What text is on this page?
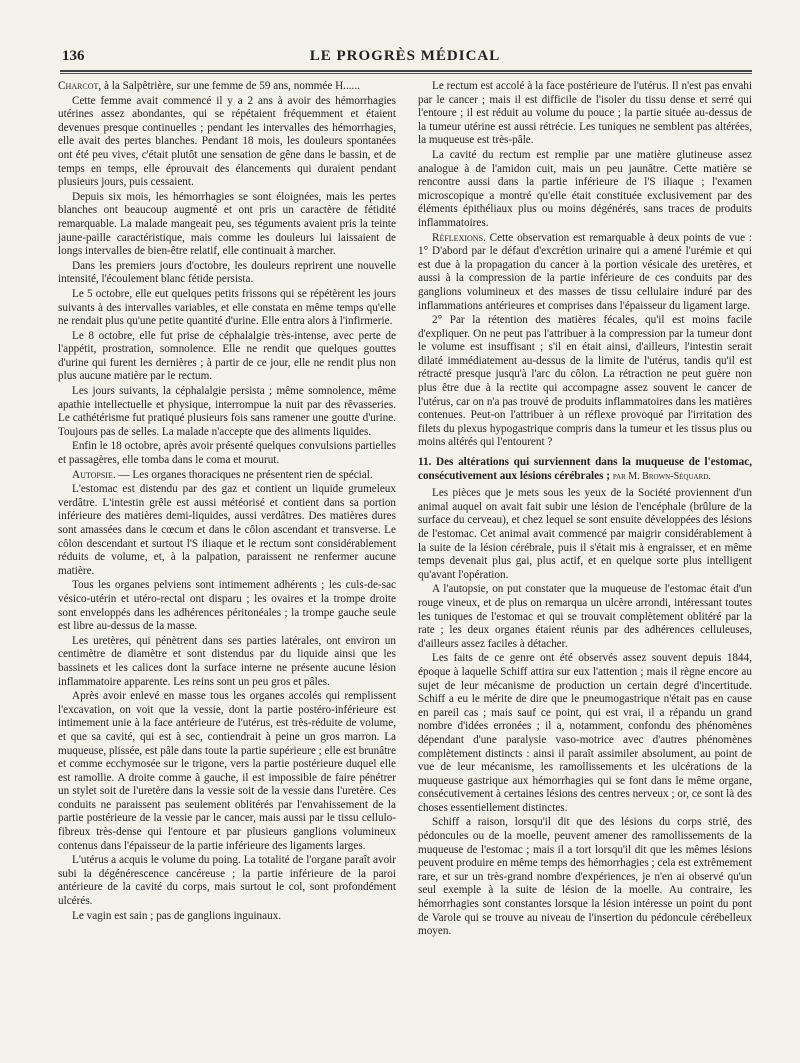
136	LE PROGRÈS MÉDICAL

Charcot, à la Salpêtrière, sur une femme de 59 ans, nommée H......

Cette femme avait commencé il y a 2 ans à avoir des hémorrhagies utérines assez abondantes, qui se répétaient fréquemment et étaient devenues presque continuelles ; pendant les intervalles des hémorrhagies, elle avait des pertes blanches. Pendant 18 mois, les douleurs spontanées ont été peu vives, c'était plutôt une sensation de gêne dans le bassin, et de temps en temps, elle éprouvait des élancements qui duraient pendant plusieurs jours, puis cessaient.

Depuis six mois, les hémorrhagies se sont éloignées, mais les pertes blanches ont beaucoup augmenté et ont pris un caractère de fétidité remarquable. La malade mangeait peu, ses téguments avaient pris la teinte jaune-paille caractéristique, mais comme les douleurs lui laissaient de longs intervalles de bien-être relatif, elle continuait à marcher.

Dans les premiers jours d'octobre, les douleurs reprirent une nouvelle intensité, l'écoulement blanc fétide persista.

Le 5 octobre, elle eut quelques petits frissons qui se répétèrent les jours suivants à des intervalles variables, et elle constata en même temps qu'elle ne rendait plus qu'une petite quantité d'urine. Elle entra alors à l'infirmerie.

Le 8 octobre, elle fut prise de céphalalgie très-intense, avec perte de l'appétit, prostration, somnolence. Elle ne rendit que quelques gouttes d'urine qui furent les dernières ; à partir de ce jour, elle ne rendit plus non plus aucune matière par le rectum.

Les jours suivants, la céphalalgie persista ; même somnolence, même apathie intellectuelle et physique, interrompue la nuit par des rêvasseries. Le cathétérisme fut pratiqué plusieurs fois sans ramener une goutte d'urine. Toujours pas de selles. La malade n'accepte que des aliments liquides.

Enfin le 18 octobre, après avoir présenté quelques convulsions partielles et passagères, elle tomba dans le coma et mourut.

Autopsie. — Les organes thoraciques ne présentent rien de spécial.

L'estomac est distendu par des gaz et contient un liquide grumeleux verdâtre. L'intestin grêle est aussi météorisé et contient dans sa portion inférieure des matières demi-liquides, aussi verdâtres. Des matières dures sont amassées dans le cœcum et dans le côlon ascendant et transverse. Le côlon descendant et surtout l'S iliaque et le rectum sont considérablement réduits de volume, et, à la palpation, paraissent ne renfermer aucune matière.

Tous les organes pelviens sont intimement adhérents ; les culs-de-sac vésico-utérin et utéro-rectal ont disparu ; les ovaires et la trompe droite sont enveloppés dans les adhérences péritonéales ; la trompe gauche seule est libre au-dessus de la masse.

Les uretères, qui pénètrent dans ses parties latérales, ont environ un centimètre de diamètre et sont distendus par du liquide ainsi que les bassinets et les calices dont la surface interne ne présente aucune lésion inflammatoire apparente. Les reins sont un peu gros et pâles.

Après avoir enlevé en masse tous les organes accolés qui remplissent l'excavation, on voit que la vessie, dont la partie postéro-inférieure est intimement unie à la face antérieure de l'utérus, est très-réduite de volume, et que sa cavité, qui est à sec, contiendrait à peine un gros marron. La muqueuse, plissée, est pâle dans toute la partie supérieure ; elle est brunâtre et comme ecchymosée sur le trigone, vers la partie postérieure duquel elle est ramollie. A droite comme à gauche, il est impossible de faire pénétrer un stylet soit de l'uretère dans la vessie soit de la vessie dans l'uretère. Ces conduits ne paraissent pas seulement oblitérés par l'envahissement de la partie postérieure de la vessie par le cancer, mais aussi par le tissu cellulo-fibreux très-dense qui l'entoure et par plusieurs ganglions volumineux contenus dans l'épaisseur de la partie inférieure des ligaments larges.

L'utérus a acquis le volume du poing. La totalité de l'organe paraît avoir subi la dégénérescence cancéreuse ; la partie inférieure de la paroi antérieure de la cavité du corps, mais surtout le col, sont profondément ulcérés.

Le vagin est sain ; pas de ganglions inguinaux.

Le rectum est accolé à la face postérieure de l'utérus. Il n'est pas envahi par le cancer ; mais il est difficile de l'isoler du tissu dense et serré qui l'entoure ; il est réduit au volume du pouce ; la partie située au-dessus de la tumeur utérine est aussi rétrécie. Les tuniques ne semblent pas altérées, la muqueuse est très-pâle.

La cavité du rectum est remplie par une matière glutineuse assez analogue à de l'amidon cuit, mais un peu jaunâtre. Cette matière se rencontre aussi dans la partie inférieure de l'S iliaque ; l'examen microscopique a montré qu'elle était constituée exclusivement par des éléments épithéliaux plus ou moins dégénérés, sans traces de produits inflammatoires.

Réflexions. Cette observation est remarquable à deux points de vue : 1° D'abord par le défaut d'excrétion urinaire qui a amené l'urémie et qui est due à la propagation du cancer à la portion vésicale des uretères, et aussi à la compression de la partie inférieure de ces conduits par des ganglions volumineux et des masses de tissu cellulaire induré par des inflammations antérieures et comprises dans l'épaisseur du ligament large.

2° Par la rétention des matières fécales, qu'il est moins facile d'expliquer. On ne peut pas l'attribuer à la compression par la tumeur dont le volume est insuffisant ; s'il en était ainsi, d'ailleurs, l'intestin serait dilaté immédiatement au-dessus de la limite de l'utérus, tandis qu'il est rétracté presque jusqu'à l'arc du côlon. La rétraction ne peut guère non plus être due à la rectite qui accompagne assez souvent le cancer de l'utérus, car on n'a pas trouvé de produits inflammatoires dans les matières contenues. Peut-on l'attribuer à un réflexe provoqué par l'irritation des filets du plexus hypogastrique compris dans la tumeur et les tissus plus ou moins altérés qui l'entourent ?

11. Des altérations qui surviennent dans la muqueuse de l'estomac, consécutivement aux lésions cérébrales ; par M. Brown-Séquard.

Les pièces que je mets sous les yeux de la Société proviennent d'un animal auquel on avait fait subir une lésion de l'encéphale (brûlure de la surface du cerveau), et chez lequel se sont ensuite développées des lésions de l'estomac. Cet animal avait commencé par maigrir considérablement à la suite de la lésion cérébrale, puis il s'était mis à engraisser, et en même temps devenait plus gai, plus actif, et en quelque sorte plus intelligent qu'avant l'opération.

A l'autopsie, on put constater que la muqueuse de l'estomac était d'un rouge vineux, et de plus on remarqua un ulcère arrondi, intéressant toutes les tuniques de l'estomac et qui se trouvait complètement oblitéré par la rate ; les deux organes étaient réunis par des adhérences celluleuses, d'ailleurs assez faciles à détacher.

Les faits de ce genre ont été observés assez souvent depuis 1844, époque à laquelle Schiff attira sur eux l'attention ; mais il règne encore au sujet de leur mécanisme de production un certain degré d'incertitude. Schiff a eu le mérite de dire que le pneumogastrique n'était pas en cause en pareil cas ; mais sauf ce point, qui est vrai, il a répandu un grand nombre d'idées erronées ; il a, notamment, confondu des phénomènes dépendant d'une paralysie vaso-motrice avec d'autres phénomènes complètement distincts : ainsi il paraît assimiler absolument, au point de vue de leur mécanisme, les ramollissements et les ulcérations de la muqueuse gastrique aux hémorrhagies qui se font dans le même organe, consécutivement à certaines lésions des centres nerveux ; or, ce sont là des choses essentiellement distinctes.

Schiff a raison, lorsqu'il dit que des lésions du corps strié, des pédoncules ou de la moelle, peuvent amener des ramollissements de la muqueuse de l'estomac ; mais il a tort lorsqu'il dit que les mêmes lésions peuvent produire en même temps des hémorrhagies ; cela est extrêmement rare, et sur un très-grand nombre d'expériences, je n'en ai observé qu'un seul exemple à la suite de lésion de la moelle. Au contraire, les hémorrhagies sont constantes lorsque la lésion intéresse un point du pont de Varole qui se trouve au niveau de l'insertion du pédoncule cérébelleux moyen.
